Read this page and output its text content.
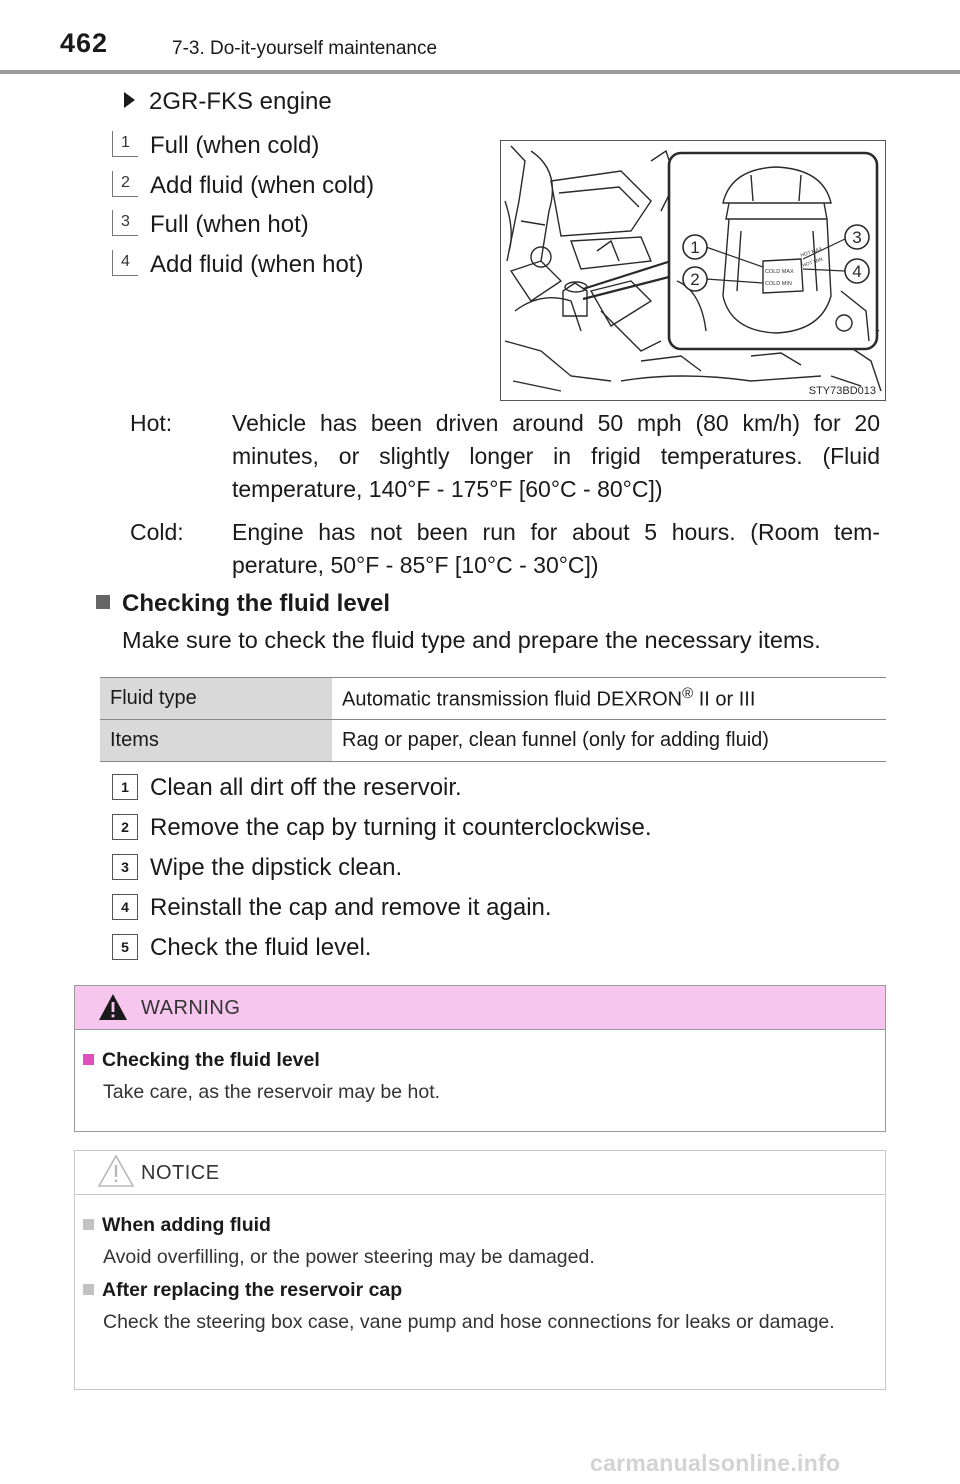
462	7-3. Do-it-yourself maintenance
2GR-FKS engine
1 Full (when cold)
2 Add fluid (when cold)
3 Full (when hot)
4 Add fluid (when hot)	COLD MAX
COLD MIN
HOT MAX
HOT MIN
1
2
3
4
STY73BD013
Hot:	Vehicle has been driven around 50 mph (80 km/h) for 20 minutes, or slightly longer in frigid temperatures. (Fluid temperature, 140°F - 175°F [60°C - 80°C])
Cold: Engine has not been run for about 5 hours. (Room tem-
perature, 50°F - 85°F [10°C - 30°C])
Checking the fluid level
Make sure to check the fluid type and prepare the necessary items.
Fluid type	Automatic transmission fluid DEXRON® II or III
Items	Rag or paper, clean funnel (only for adding fluid)
1 Clean all dirt off the reservoir.
2 Remove the cap by turning it counterclockwise.
3 Wipe the dipstick clean.
4 Reinstall the cap and remove it again.
5 Check the fluid level.
WARNING
Checking the fluid level
Take care, as the reservoir may be hot.
NOTICE
When adding fluid
Avoid overfilling, or the power steering may be damaged.
After replacing the reservoir cap
Check the steering box case, vane pump and hose connections for leaks or damage.
carmanualsonline.info
